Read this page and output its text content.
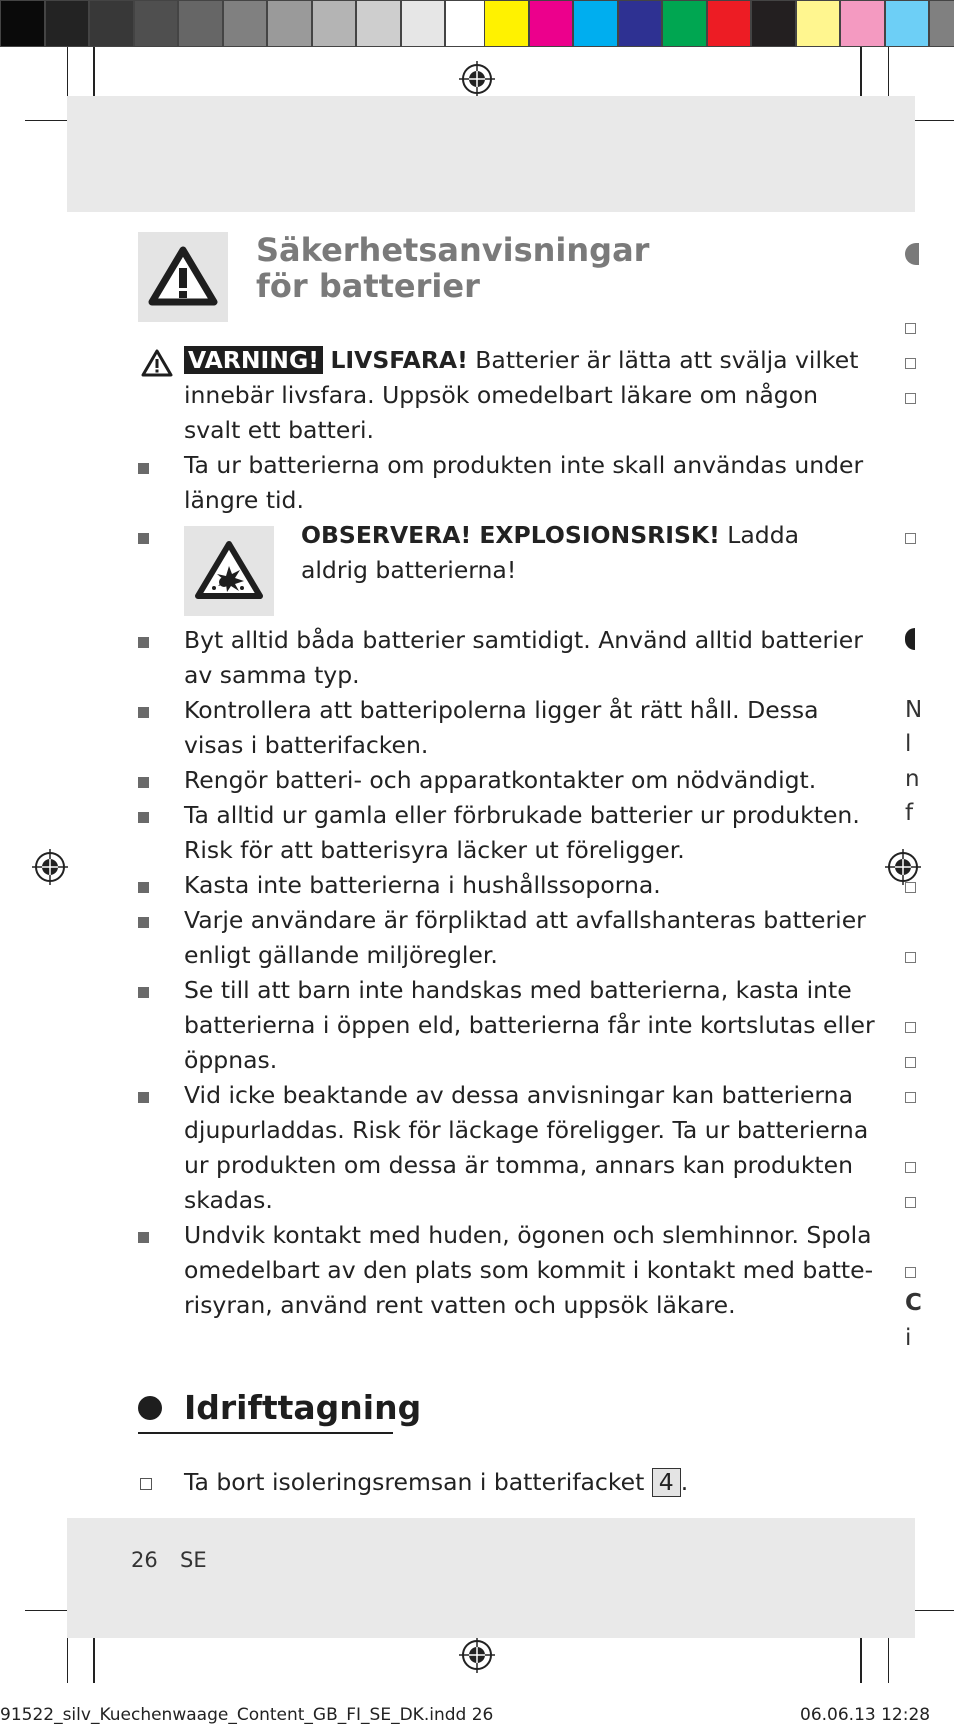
Säkerhetsanvisningar
för batterier
VARNING! LIVSFARA! Batterier är lätta att svälja vilket
innebär livsfara. Uppsök omedelbart läkare om någon
svalt ett batteri.
Ta ur batterierna om produkten inte skall användas under
längre tid.
OBSERVERA! EXPLOSIONSRISK! Ladda
aldrig batterierna!
Byt alltid båda batterier samtidigt. Använd alltid batterier
av samma typ.
Kontrollera att batteripolerna ligger åt rätt håll. Dessa
visas i batterifacken.
Rengör batteri- och apparatkontakter om nödvändigt.
Ta alltid ur gamla eller förbrukade batterier ur produkten.
Risk för att batterisyra läcker ut föreligger.
Kasta inte batterierna i hushållssoporna.
Varje användare är förpliktad att avfallshanteras batterier
enligt gällande miljöregler.
Se till att barn inte handskas med batterierna, kasta inte
batterierna i öppen eld, batterierna får inte kortslutas eller
öppnas.
Vid icke beaktande av dessa anvisningar kan batterierna
djupurladdas. Risk för läckage föreligger. Ta ur batterierna
ur produkten om dessa är tomma, annars kan produkten
skadas.
Undvik kontakt med huden, ögonen och slemhinnor. Spola
omedelbart av den plats som kommit i kontakt med batte-
risyran, använd rent vatten och uppsök läkare.
Idrifttagning
Ta bort isoleringsremsan i batterifacket 4 .
26 SE
91522_silv_Kuechenwaage_Content_GB_FI_SE_DK.indd 26	06.06.13 12:28
N
l
n
f
C
i
